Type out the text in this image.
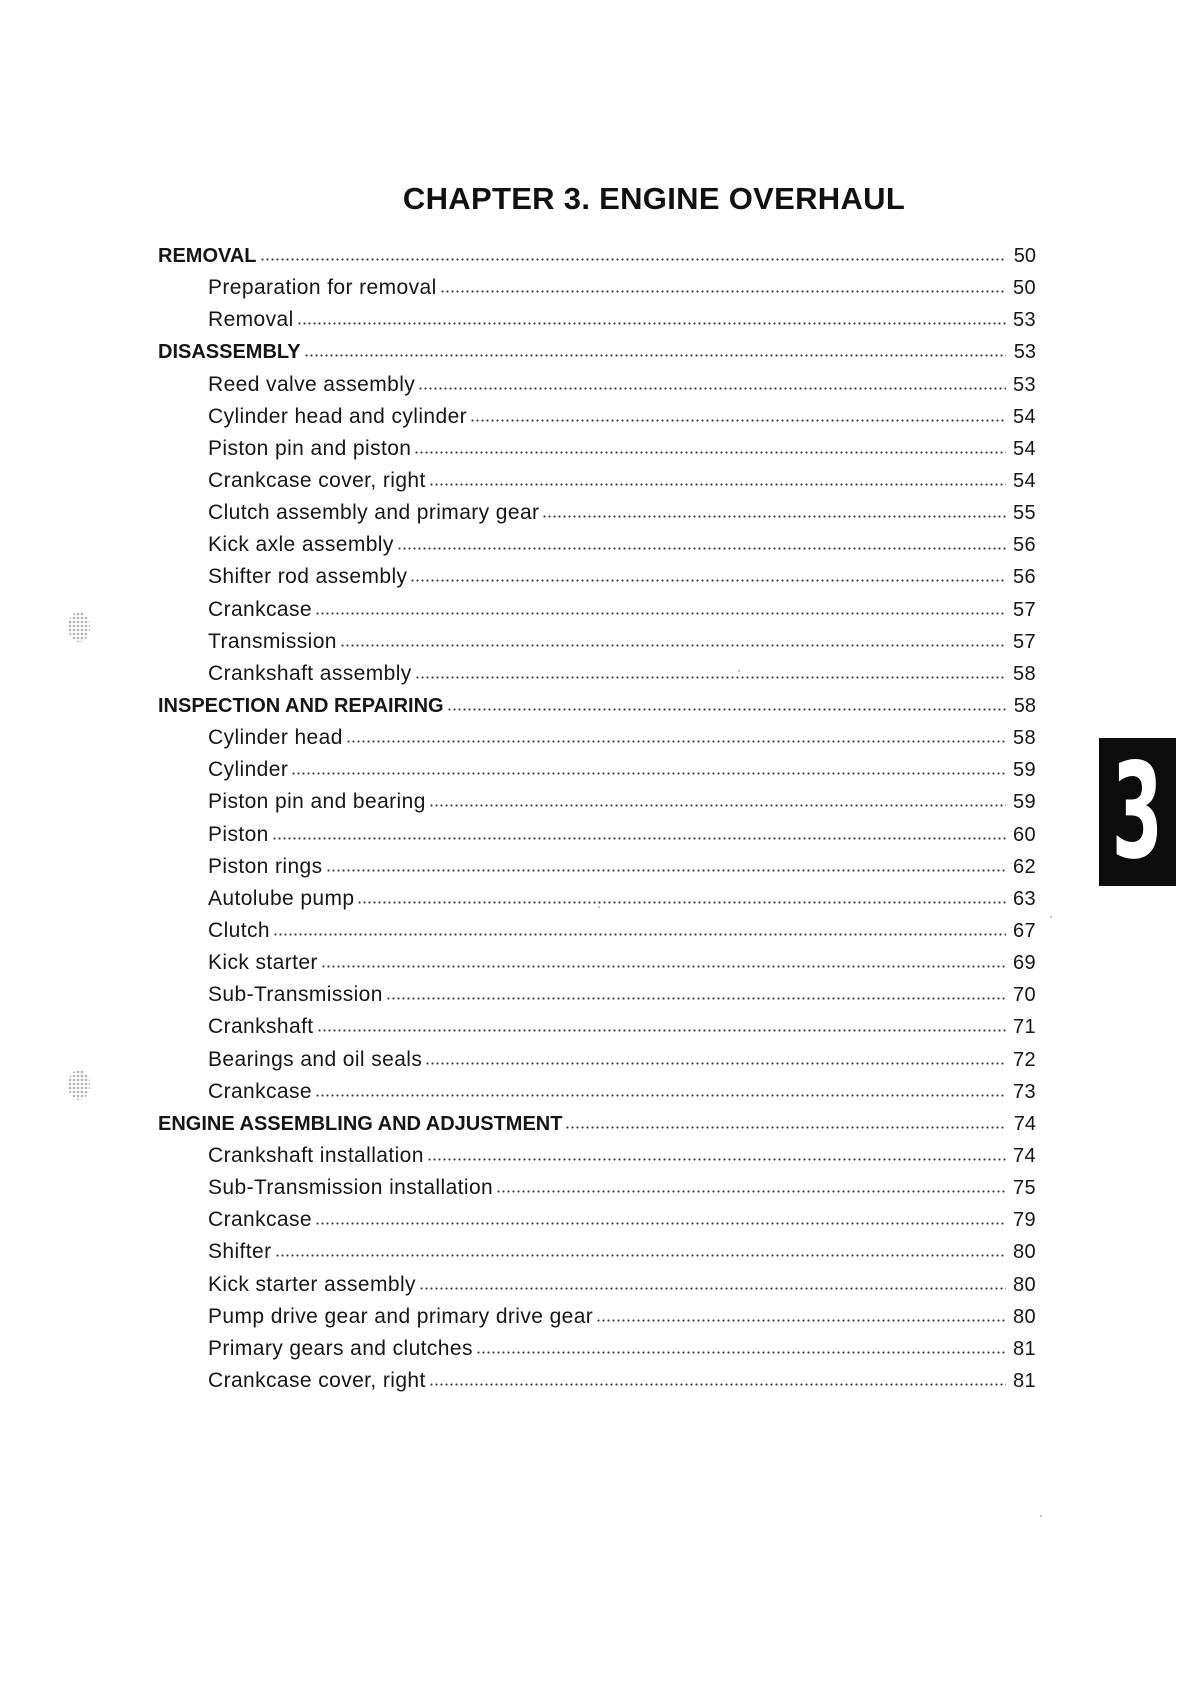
CHAPTER 3. ENGINE OVERHAUL
REMOVAL	50
Preparation for removal	50
Removal	53
DISASSEMBLY	53
Reed valve assembly	53
Cylinder head and cylinder	54
Piston pin and piston	54
Crankcase cover, right	54
Clutch assembly and primary gear	55
Kick axle assembly	56
Shifter rod assembly	56
Crankcase	57
Transmission	57
Crankshaft assembly	58
INSPECTION AND REPAIRING	58
Cylinder head	58
Cylinder	59
Piston pin and bearing	59
Piston	60
Piston rings	62
Autolube pump	63
Clutch	67
Kick starter	69
Sub-Transmission	70
Crankshaft	71
Bearings and oil seals	72
Crankcase	73
ENGINE ASSEMBLING AND ADJUSTMENT	74
Crankshaft installation	74
Sub-Transmission installation	75
Crankcase	79
Shifter	80
Kick starter assembly	80
Pump drive gear and primary drive gear	80
Primary gears and clutches	81
Crankcase cover, right	81
3
